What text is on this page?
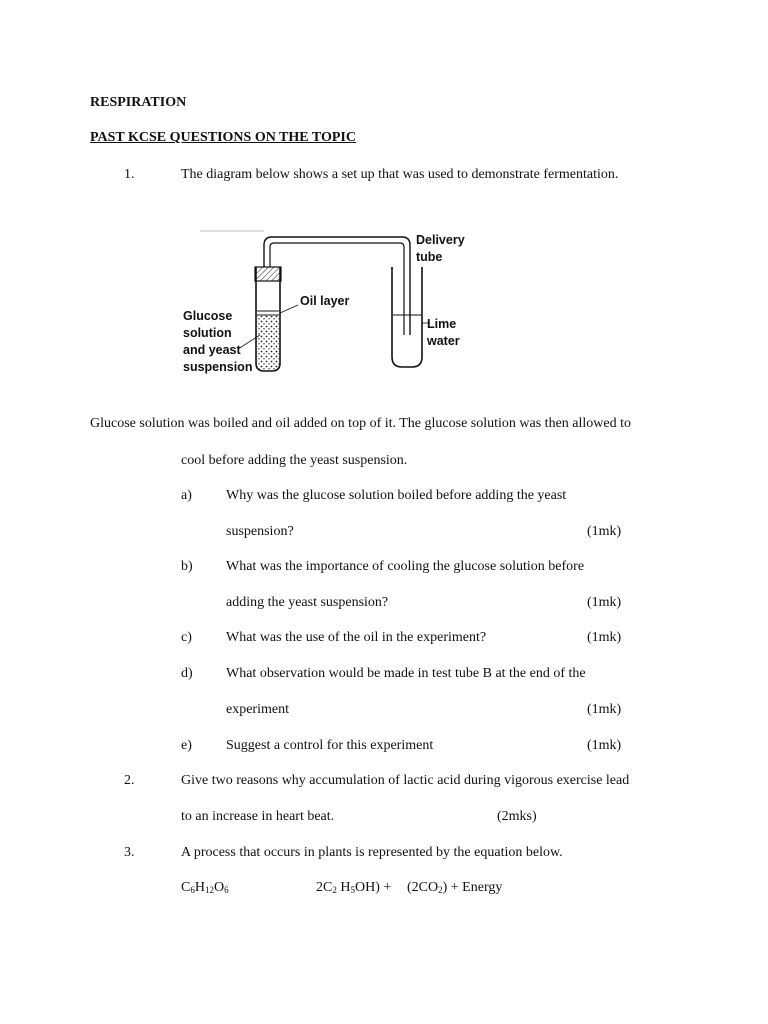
RESPIRATION
PAST KCSE QUESTIONS ON THE TOPIC
1.	The diagram below shows a set up that was used to demonstrate fermentation.
Delivery
tube
Oil layer
Glucose
solution
and yeast
suspension
Lime
water
Glucose solution was boiled and oil added on top of it. The glucose solution was then allowed to
cool before adding the yeast suspension.
a) Why was the glucose solution boiled before adding the yeast
suspension?	(1mk)
b) What was the importance of cooling the glucose solution before
adding the yeast suspension?	(1mk)
c) What was the use of the oil in the experiment?	(1mk)
d) What observation would be made in test tube B at the end of the
experiment	(1mk)
e) Suggest a control for this experiment	(1mk)
2.	Give two reasons why accumulation of lactic acid during vigorous exercise lead
to an increase in heart beat.	(2mks)
3.	A process that occurs in plants is represented by the equation below.
$C_6H_{12}O_6$	$2C_2$ $H_5OH) + (2CO_2)$ + Energy
